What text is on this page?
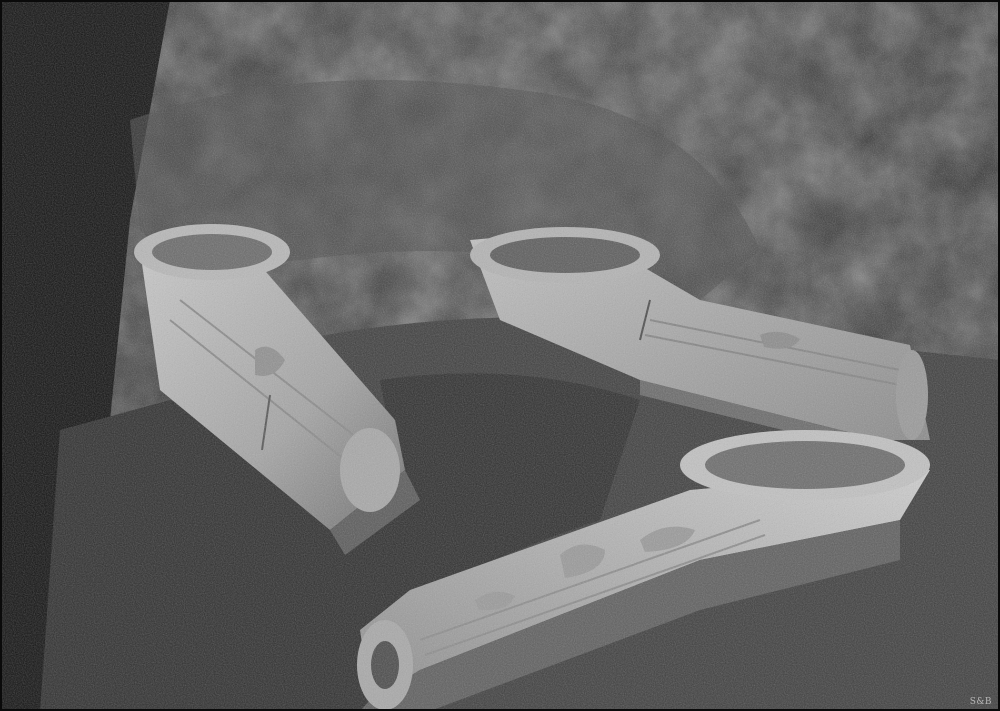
S&B
